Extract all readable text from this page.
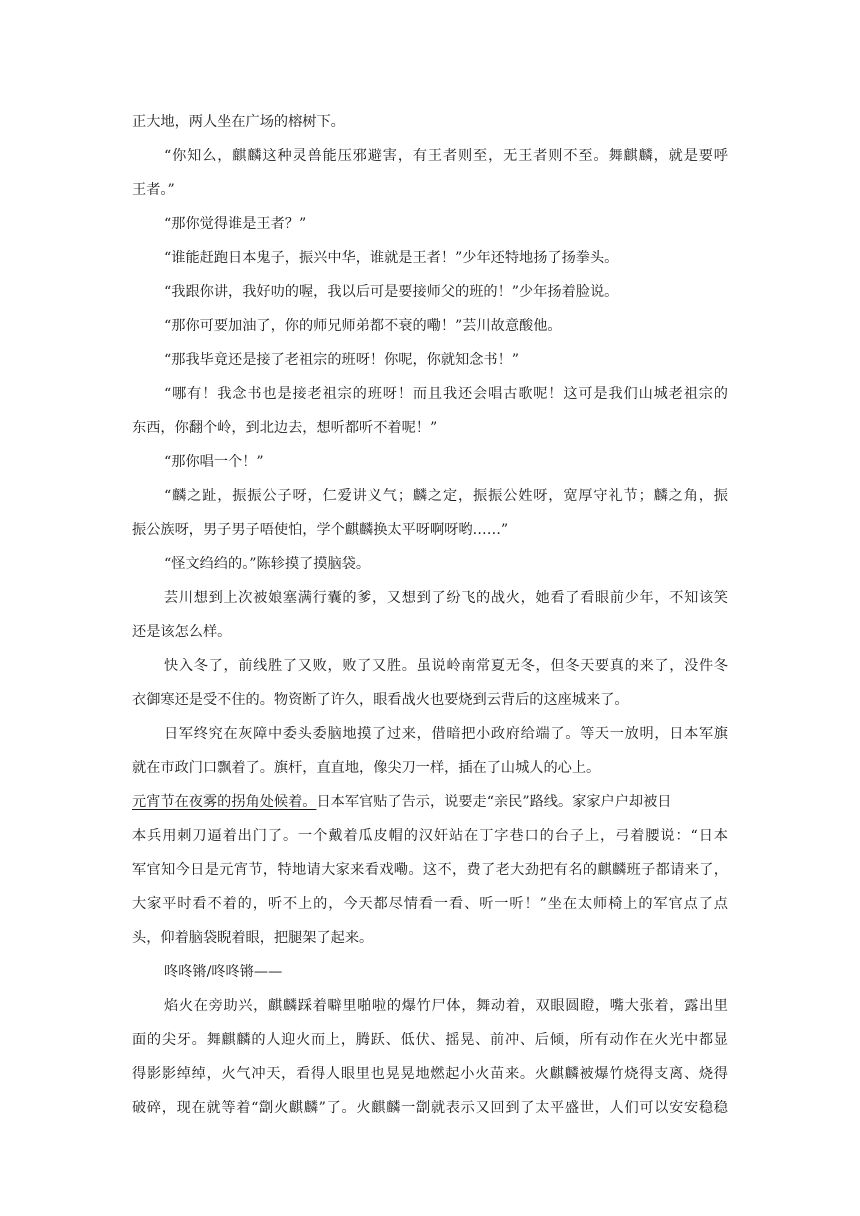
正大地，两人坐在广场的榕树下。
“你知么，麒麟这种灵兽能压邪避害，有王者则至，无王者则不至。舞麒麟，就是要呼
王者。”
“那你觉得谁是王者？”
“谁能赶跑日本鬼子，振兴中华，谁就是王者！”少年还特地扬了扬拳头。
“我跟你讲，我好叻的喔，我以后可是要接师父的班的！”少年扬着脸说。
“那你可要加油了，你的师兄师弟都不衰的嘞！”芸川故意酸他。
“那我毕竟还是接了老祖宗的班呀！你呢，你就知念书！”
“哪有！我念书也是接老祖宗的班呀！而且我还会唱古歌呢！这可是我们山城老祖宗的
东西，你翻个岭，到北边去，想听都听不着呢！”
“那你唱一个！”
“麟之趾，振振公子呀，仁爱讲义气；麟之定，振振公姓呀，宽厚守礼节；麟之角，振
振公族呀，男子男子唔使怕，学个麒麟换太平呀啊呀哟……”
“怪文绉绉的。”陈轸摸了摸脑袋。
芸川想到上次被娘塞满行囊的爹，又想到了纷飞的战火，她看了看眼前少年，不知该笑
还是该怎么样。
快入冬了，前线胜了又败，败了又胜。虽说岭南常夏无冬，但冬天要真的来了，没件冬
衣御寒还是受不住的。物资断了许久，眼看战火也要烧到云背后的这座城来了。
日军终究在灰障中委头委脑地摸了过来，借暗把小政府给端了。等天一放明，日本军旗
就在市政门口飘着了。旗杆，直直地，像尖刀一样，插在了山城人的心上。
元宵节在夜雾的拐角处候着。日本军官贴了告示，说要走“亲民”路线。家家户户却被日
本兵用刺刀逼着出门了。一个戴着瓜皮帽的汉奸站在丁字巷口的台子上，弓着腰说：“日本
军官知今日是元宵节，特地请大家来看戏嘞。这不，费了老大劲把有名的麒麟班子都请来了，
大家平时看不着的，听不上的，今天都尽情看一看、听一听！”坐在太师椅上的军官点了点
头，仰着脑袋睨着眼，把腿架了起来。
咚咚锵/咚咚锵——
焰火在旁助兴，麒麟踩着噼里啪啦的爆竹尸体，舞动着，双眼圆瞪，嘴大张着，露出里
面的尖牙。舞麒麟的人迎火而上，腾跃、低伏、摇晃、前冲、后倾，所有动作在火光中都显
得影影绰绰，火气冲天，看得人眼里也晃晃地燃起小火苗来。火麒麟被爆竹烧得支离、烧得
破碎，现在就等着“劏火麒麟”了。火麒麟一劏就表示又回到了太平盛世，人们可以安安稳稳
